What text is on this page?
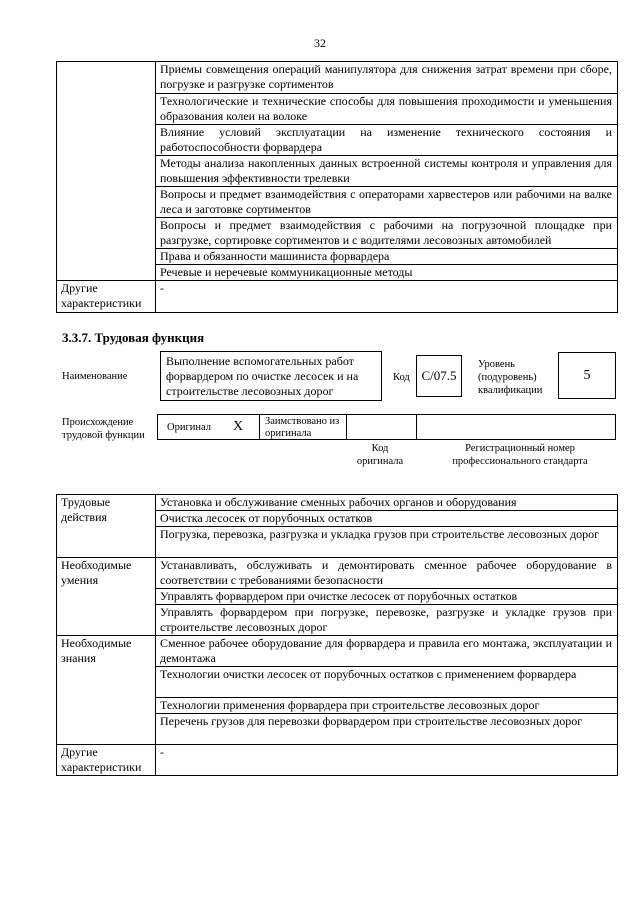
32
	Приемы совмещения операций манипулятора для снижения затрат времени при сборе, погрузке и разгрузке сортиментов
	Технологические и технические способы для повышения проходимости и уменьшения образования колеи на волоке
	Влияние условий эксплуатации на изменение технического состояния и работоспособности форвардера
	Методы анализа накопленных данных встроенной системы контроля и управления для повышения эффективности трелевки
	Вопросы и предмет взаимодействия с операторами харвестеров или рабочими на валке леса и заготовке сортиментов
	Вопросы и предмет взаимодействия с рабочими на погрузочной площадке при разгрузке, сортировке сортиментов и с водителями лесовозных автомобилей
	Права и обязанности машиниста форвардера
	Речевые и неречевые коммуникационные методы
Другие характеристики	-
3.3.7. Трудовая функция
Наименование
Выполнение вспомогательных работ форвардером по очистке лесосек и на строительстве лесовозных дорог
Код C/07.5
Уровень (подуровень) квалификации
5
Происхождение трудовой функции
Оригинал X Заимствовано из оригинала
Код оригинала
Регистрационный номер профессионального стандарта
Трудовые действия	Установка и обслуживание сменных рабочих органов и оборудования
	Очистка лесосек от порубочных остатков
	Погрузка, перевозка, разгрузка и укладка грузов при строительстве лесовозных дорог
Необходимые умения	Устанавливать, обслуживать и демонтировать сменное рабочее оборудование в соответствии с требованиями безопасности
	Управлять форвардером при очистке лесосек от порубочных остатков
	Управлять форвардером при погрузке, перевозке, разгрузке и укладке грузов при строительстве лесовозных дорог
Необходимые знания	Сменное рабочее оборудование для форвардера и правила его монтажа, эксплуатации и демонтажа
	Технологии очистки лесосек от порубочных остатков с применением форвардера
	Технологии применения форвардера при строительстве лесовозных дорог
	Перечень грузов для перевозки форвардером при строительстве лесовозных дорог
Другие характеристики	-
